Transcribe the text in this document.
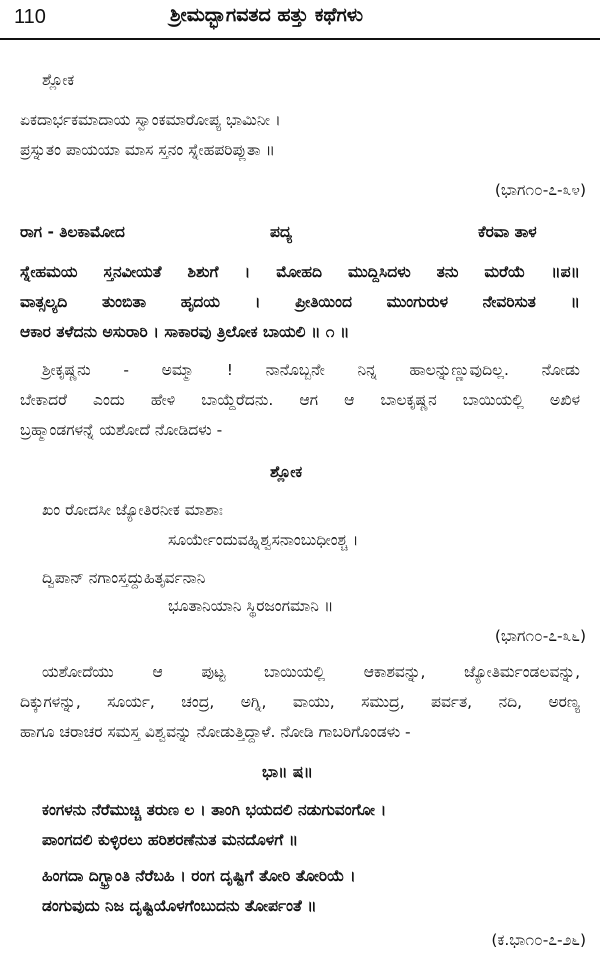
110	ಶ್ರೀಮದ್ಭಾಗವತದ ಹತ್ತು ಕಥೆಗಳು
ಶ್ಲೋಕ
ಏಕದಾರ್ಭಕಮಾದಾಯ ಸ್ವಾಂಕಮಾರೋಪ್ಯ ಭಾಮಿನೀ ।
ಪ್ರಸ್ನುತಂ ಪಾಯಯಾ ಮಾಸ ಸ್ತನಂ ಸ್ನೇಹಪರಿಪ್ಲುತಾ ॥
(ಭಾಗ೧೦-೭-೩೪)
ರಾಗ - ತಿಲಕಾಮೋದ	ಪದ್ಯ	ಕೆರವಾ ತಾಳ
ಸ್ನೇಹಮಯ ಸ್ತನವೀಯತೆ ಶಿಶುಗೆ । ಮೋಹದಿ ಮುದ್ದಿಸಿದಳು ತನು ಮರೆಯೆ ॥ಪ॥
ವಾತ್ಸಲ್ಯದಿ ತುಂಬಿತಾ ಹೃದಯ । ಪ್ರೀತಿಯಿಂದ ಮುಂಗುರುಳ ನೇವರಿಸುತ ॥
ಆಕಾರ ತಳೆದನು ಅಸುರಾರಿ । ಸಾಕಾರವು ತ್ರಿಲೋಕ ಬಾಯಲಿ ॥ ೧ ॥
ಶ್ರೀಕೃಷ್ಣನು - ಅಮ್ಮಾ ! ನಾನೊಬ್ಬನೇ ನಿನ್ನ ಹಾಲನ್ನುಣ್ಣುವುದಿಲ್ಲ. ನೋಡು
ಬೇಕಾದರೆ ಎಂದು ಹೇಳಿ ಬಾಯ್ದೆರೆದನು. ಆಗ ಆ ಬಾಲಕೃಷ್ಣನ ಬಾಯಿಯಲ್ಲಿ ಅಖಿಳ
ಬ್ರಹ್ಮಾಂಡಗಳನ್ನೆ ಯಶೋದೆ ನೋಡಿದಳು -
ಶ್ಲೋಕ
ಖಂ ರೋದಸೀ ಜ್ಯೋತಿರನೀಕ ಮಾಶಾಃ
ಸೂರ್ಯೇಂದುವಹ್ನಿಶ್ವಸನಾಂಬುಧೀಂಶ್ಚ ।
ದ್ವಿಪಾನ್ ನಗಾಂಸ್ತದ್ದುಹಿತೃರ್ವನಾನಿ
ಭೂತಾನಿಯಾನಿ ಸ್ಥಿರಜಂಗಮಾನಿ ॥
(ಭಾಗ೧೦-೭-೩೬)
ಯಶೋದೆಯು ಆ ಪುಟ್ಟ ಬಾಯಿಯಲ್ಲಿ ಆಕಾಶವನ್ನು, ಜ್ಯೋತಿರ್ಮಂಡಲವನ್ನು,
ದಿಕ್ಕುಗಳನ್ನು, ಸೂರ್ಯ, ಚಂದ್ರ, ಅಗ್ನಿ, ವಾಯು, ಸಮುದ್ರ, ಪರ್ವತ, ನದಿ, ಅರಣ್ಯ
ಹಾಗೂ ಚರಾಚರ ಸಮಸ್ತ ವಿಶ್ವವನ್ನು ನೋಡುತ್ತಿದ್ದಾಳೆ. ನೋಡಿ ಗಾಬರಿಗೊಂಡಳು -
ಭಾ॥ ಷ॥
ಕಂಗಳನು ನೆರೆಮುಚ್ಚಿ ತರುಣ ಲ । ತಾಂಗಿ ಭಯದಲಿ ನಡುಗುವಂಗೋ ।
ಪಾಂಗದಲಿ ಕುಳ್ಳಿರಲು ಹರಿಶರಣೆನುತ ಮನದೊಳಗೆ ॥
ಹಿಂಗದಾ ದಿಗ್ಭ್ರಾಂತಿ ನೆರೆಬಹಿ । ರಂಗ ದೃಷ್ಟಿಗೆ ತೋರಿ ತೋರಿಯೆ ।
ಡಂಗುವುದು ನಿಜ ದೃಷ್ಟಿಯೊಳಗೆಂಬುದನು ತೋರ್ಪಂತೆ ॥
(ಕ.ಭಾ೧೦-೭-೨೬)
